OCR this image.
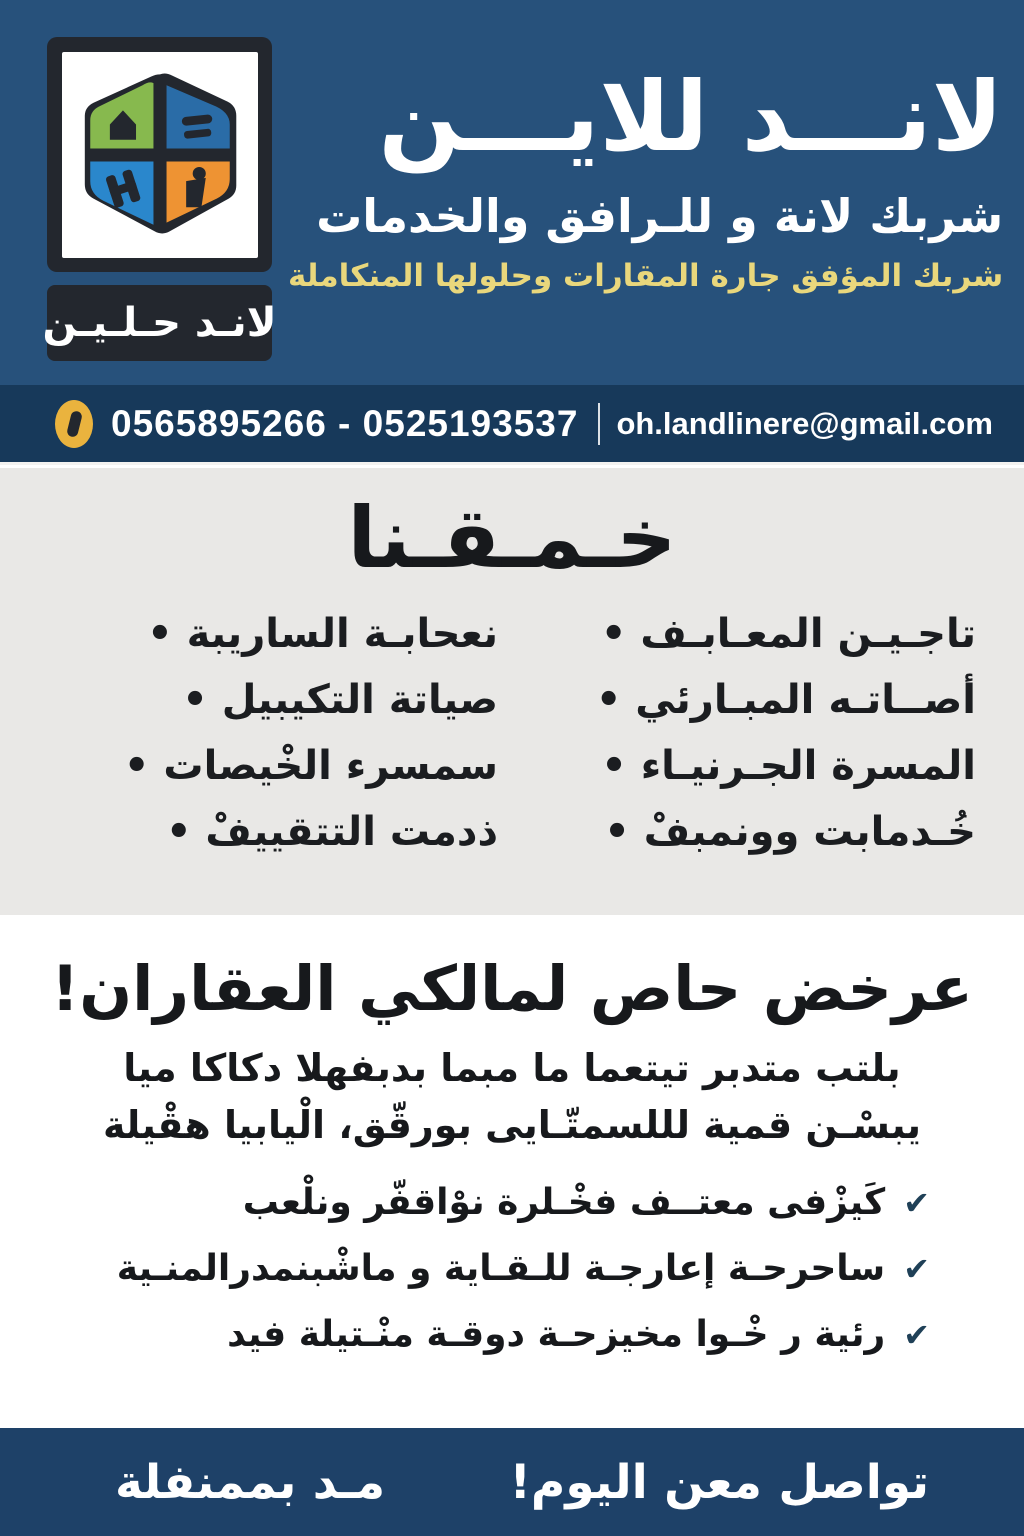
لانـد حـلـيـن
لانـــد للايـــن
شربك لانة و للـرافق والخدمات
شربك المؤفق جارة المقارات وحلولها المنكاملة
0565895266 - 0525193537 oh.landlinere@gmail.com
خـمـقـنا
تاجـيـن المعـابـف •
أصــاتـه المبـارئي •
المسرة الجـرنيـاء •
خُـدمابت وونمبفْ •
نعحابـة الساريبة •
صياتة التكيبيل •
سمسرء الخْيصات •
ذدمت التتقييفْ •
عرخض حاص لمالكي العقاران!
بلتب متدبر تيتعما ما مبما بدبفهلا دكاكا ميا
يبسْـن قمية لللسمتّـايى بورقّق، الْيابيا هقْيلة
✔كَيزْفى معتــف فخْـلرة نوْاقفّر ونلْعب
✔ساحرحـة إعارجـة للـقـاية و ماشْبنمدرالمنـية
✔رئية ر خْـوا مخيزحـة دوقـة منْـتيلة فيد
تواصل معن اليوم!
مـد بممنفلة
